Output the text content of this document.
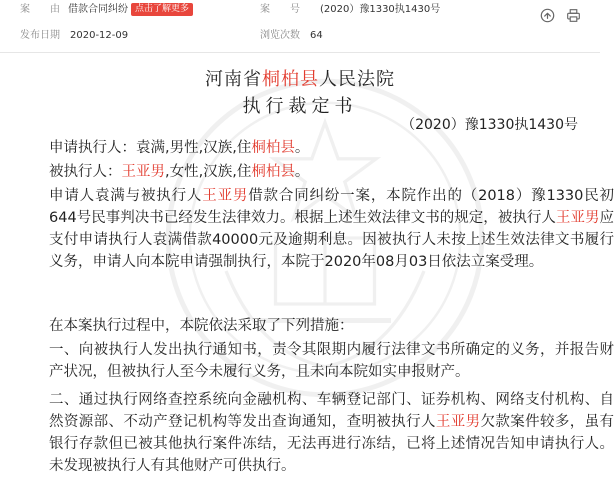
案　　由 借款合同纠纷 点击了解更多	案　　号 (2020）豫1330执1430号
发布日期 2020-12-09	浏览次数 64
河南省桐柏县人民法院
执行裁定书
（2020）豫1330执1430号
申请执行人：袁满,男性,汉族,住桐柏县。
被执行人：王亚男,女性,汉族,住桐柏县。
申请人袁满与被执行人王亚男借款合同纠纷一案，本院作出的（2018）豫1330民初644号民事判决书已经发生法律效力。根据上述生效法律文书的规定，被执行人王亚男应支付申请执行人袁满借款40000元及逾期利息。因被执行人未按上述生效法律文书履行义务，申请人向本院申请强制执行，本院于2020年08月03日依法立案受理。
在本案执行过程中，本院依法采取了下列措施：
一、向被执行人发出执行通知书，责令其限期内履行法律文书所确定的义务，并报告财产状况，但被执行人至今未履行义务，且未向本院如实申报财产。
二、通过执行网络查控系统向金融机构、车辆登记部门、证券机构、网络支付机构、自然资源部、不动产登记机构等发出查询通知，查明被执行人王亚男欠款案件较多，虽有银行存款但已被其他执行案件冻结，无法再进行冻结，已将上述情况告知申请执行人。未发现被执行人有其他财产可供执行。
